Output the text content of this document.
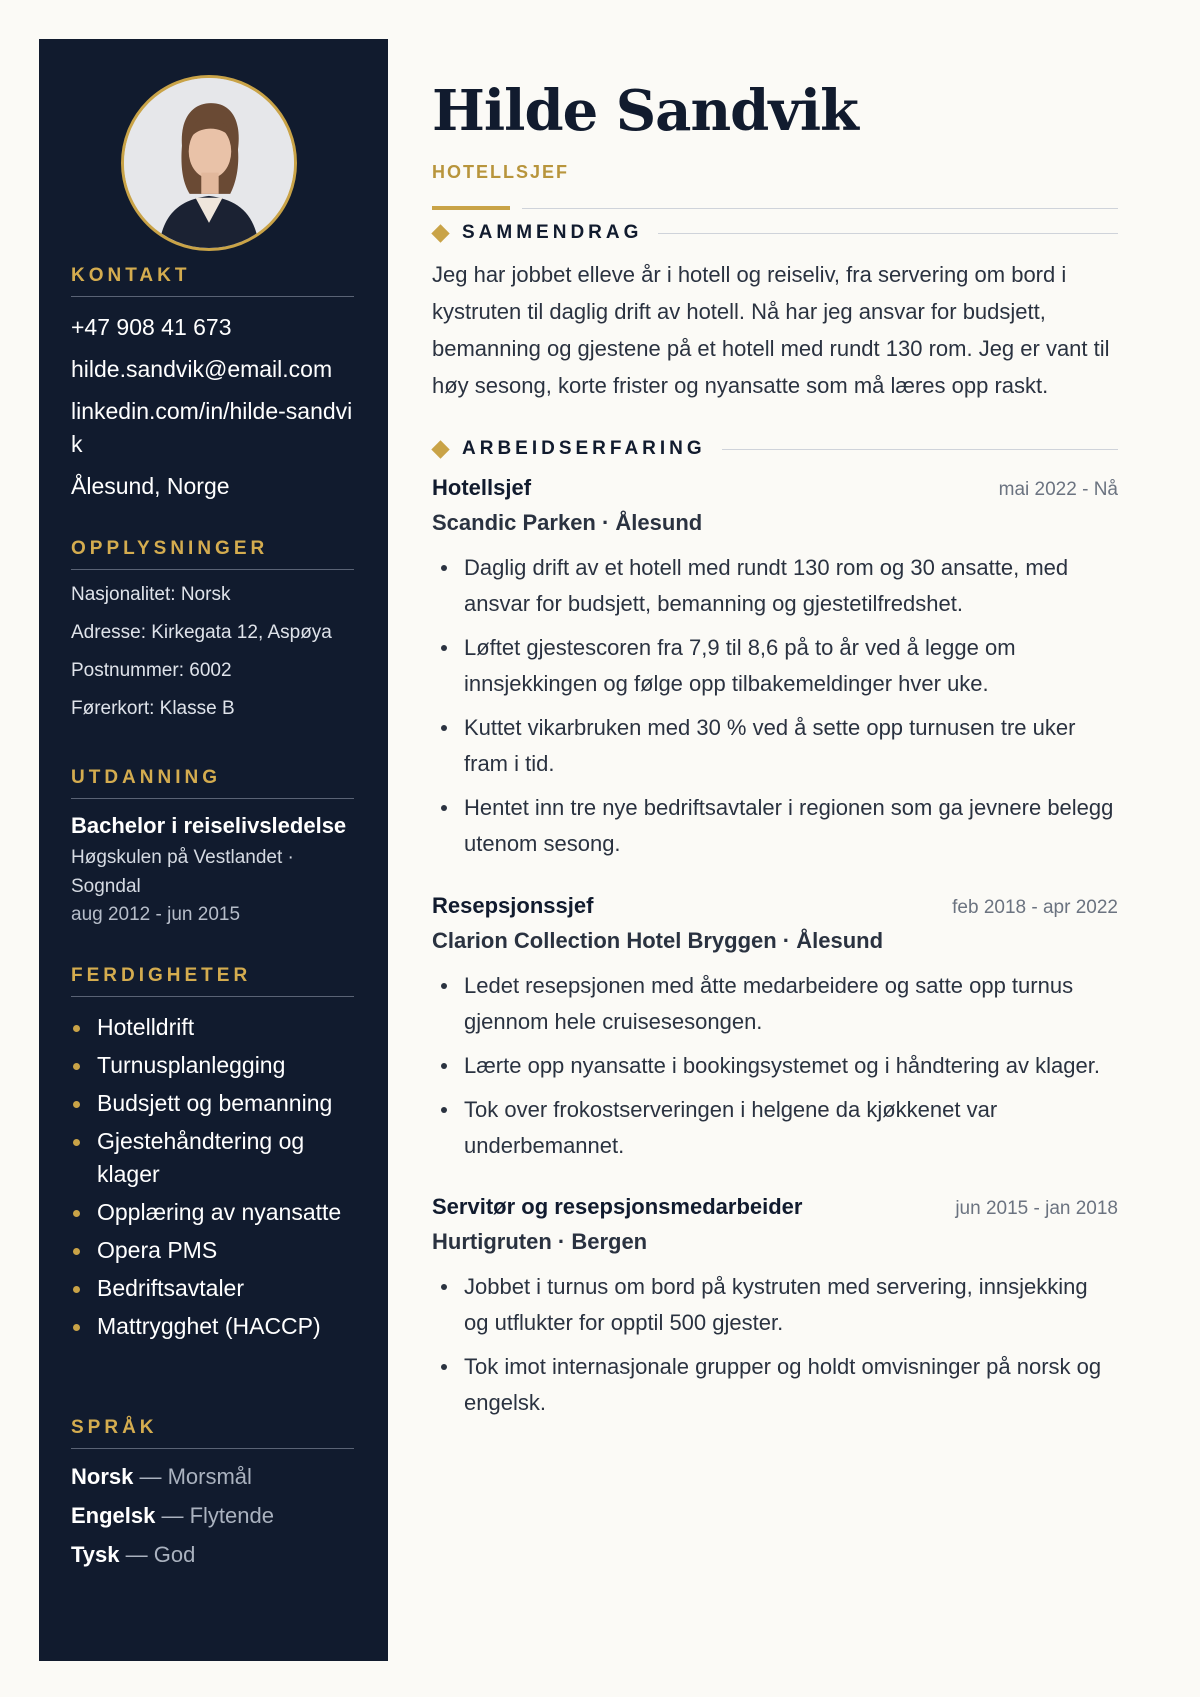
KONTAKT
+47 908 41 673
hilde.sandvik@email.com
linkedin.com/in/hilde-sandvik
Ålesund, Norge
OPPLYSNINGER
Nasjonalitet: Norsk
Adresse: Kirkegata 12, Aspøya
Postnummer: 6002
Førerkort: Klasse B
UTDANNING
Bachelor i reiselivsledelse
Høgskulen på Vestlandet · Sogndal
aug 2012 - jun 2015
FERDIGHETER
Hotelldrift
Turnusplanlegging
Budsjett og bemanning
Gjestehåndtering og klager
Opplæring av nyansatte
Opera PMS
Bedriftsavtaler
Mattrygghet (HACCP)
SPRÅK
Norsk — Morsmål
Engelsk — Flytende
Tysk — God
Hilde Sandvik
HOTELLSJEF
SAMMENDRAG

Jeg har jobbet elleve år i hotell og reiseliv, fra servering om bord i kystruten til daglig drift av hotell. Nå har jeg ansvar for budsjett, bemanning og gjestene på et hotell med rundt 130 rom. Jeg er vant til høy sesong, korte frister og nyansatte som må læres opp raskt.

ARBEIDSERFARING
Hotellsjef	mai 2022 - Nå
Scandic Parken · Ålesund
Daglig drift av et hotell med rundt 130 rom og 30 ansatte, med ansvar for budsjett, bemanning og gjestetilfredshet.
Løftet gjestescoren fra 7,9 til 8,6 på to år ved å legge om innsjekkingen og følge opp tilbakemeldinger hver uke.
Kuttet vikarbruken med 30 % ved å sette opp turnusen tre uker fram i tid.
Hentet inn tre nye bedriftsavtaler i regionen som ga jevnere belegg utenom sesong.
Resepsjonssjef	feb 2018 - apr 2022
Clarion Collection Hotel Bryggen · Ålesund
Ledet resepsjonen med åtte medarbeidere og satte opp turnus gjennom hele cruisesesongen.
Lærte opp nyansatte i bookingsystemet og i håndtering av klager.
Tok over frokostserveringen i helgene da kjøkkenet var underbemannet.
Servitør og resepsjonsmedarbeider	jun 2015 - jan 2018
Hurtigruten · Bergen
Jobbet i turnus om bord på kystruten med servering, innsjekking og utflukter for opptil 500 gjester.
Tok imot internasjonale grupper og holdt omvisninger på norsk og engelsk.
